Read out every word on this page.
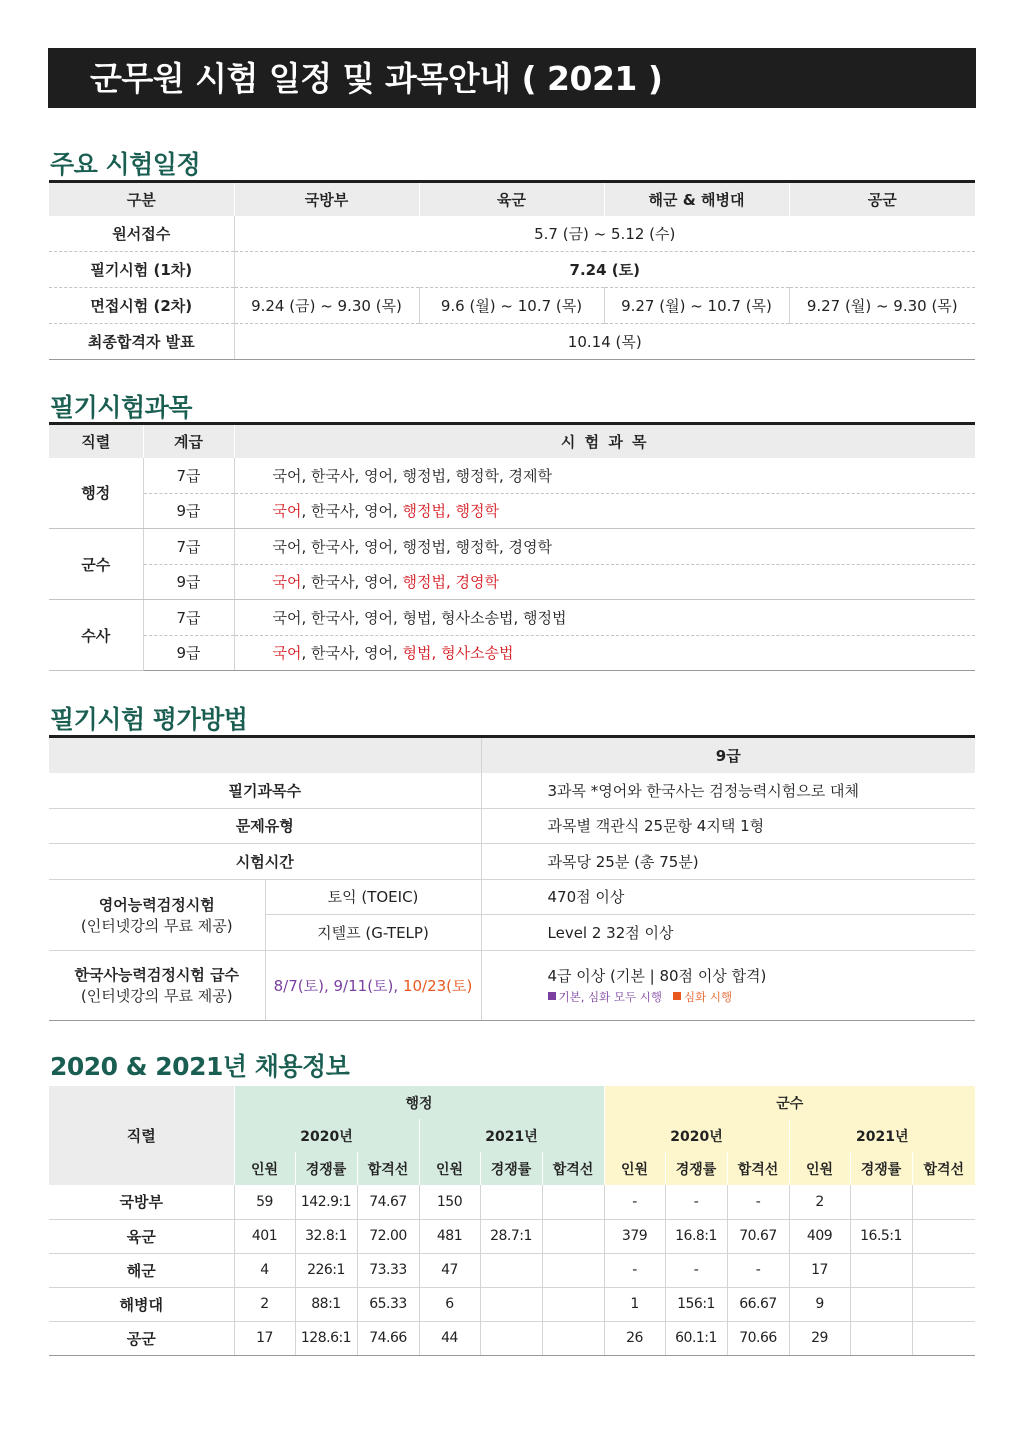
군무원 시험 일정 및 과목안내 ( 2021 )
주요 시험일정
구분	국방부	육군	해군 & 해병대	공군
원서접수	5.7 (금) ~ 5.12 (수)			
필기시험 (1차)	7.24 (토)			
면접시험 (2차)	9.24 (금) ~ 9.30 (목)	9.6 (월) ~ 10.7 (목)	9.27 (월) ~ 10.7 (목)	9.27 (월) ~ 9.30 (목)
최종합격자 발표	10.14 (목)			
필기시험과목
직렬	계급	시 험 과 목
행정	7급	국어, 한국사, 영어, 행정법, 행정학, 경제학
	9급	국어, 한국사, 영어, 행정법, 행정학
군수	7급	국어, 한국사, 영어, 행정법, 행정학, 경영학
	9급	국어, 한국사, 영어, 행정법, 경영학
수사	7급	국어, 한국사, 영어, 형법, 형사소송법, 행정법
	9급	국어, 한국사, 영어, 형법, 형사소송법
필기시험 평가방법
		9급
필기과목수		3과목 *영어와 한국사는 검정능력시험으로 대체
문제유형		과목별 객관식 25문항 4지택 1형
시험시간		과목당 25분 (총 75분)
영어능력검정시험
(인터넷강의 무료 제공)	토익 (TOEIC)	470점 이상
	지텔프 (G-TELP)	Level 2 32점 이상
한국사능력검정시험 급수
(인터넷강의 무료 제공)	8/7(토), 9/11(토), 10/23(토)	4급 이상 (기본 | 80점 이상 합격)
기본, 심화 모두 시행 심화 시행
2020 & 2021년 채용정보
직렬	행정						군수					
	2020년			2021년			2020년			2021년		
	인원	경쟁률	합격선	인원	경쟁률	합격선	인원	경쟁률	합격선	인원	경쟁률	합격선
국방부	59	142.9:1	74.67	150			-	-	-	2		
육군	401	32.8:1	72.00	481	28.7:1		379	16.8:1	70.67	409	16.5:1	
해군	4	226:1	73.33	47			-	-	-	17		
해병대	2	88:1	65.33	6			1	156:1	66.67	9		
공군	17	128.6:1	74.66	44			26	60.1:1	70.66	29		
